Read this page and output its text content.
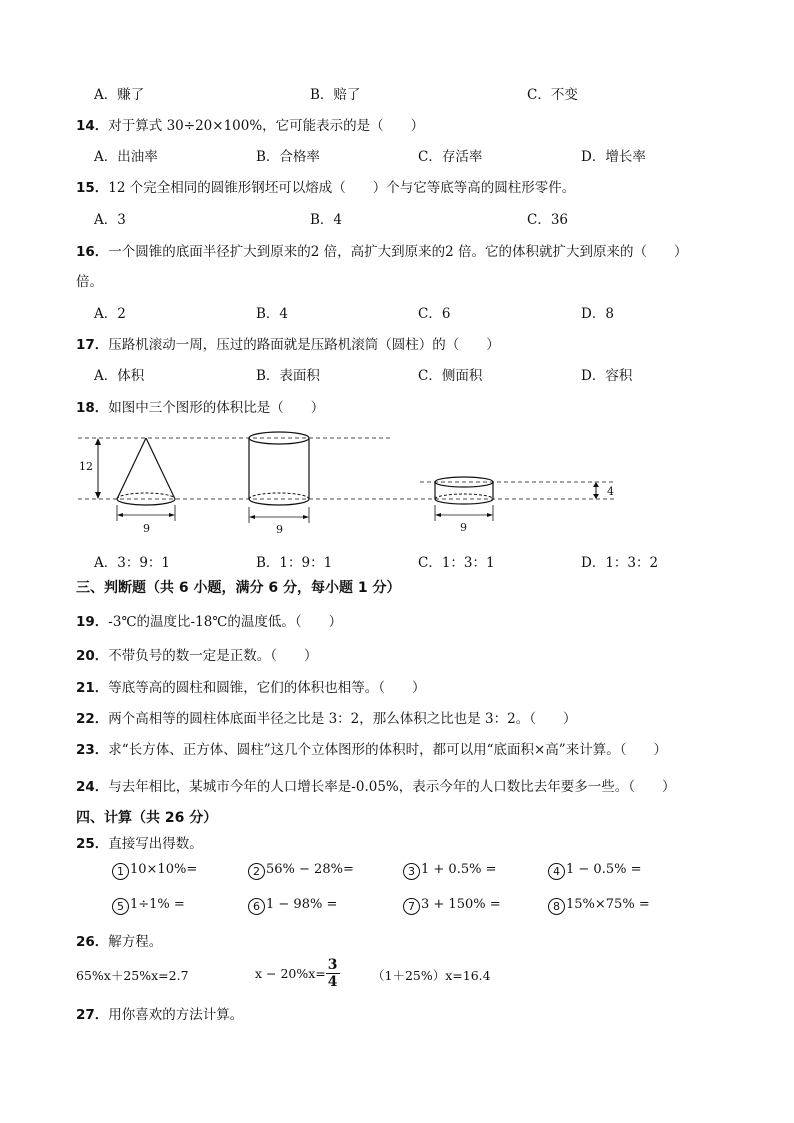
A．赚了	B．赔了	C．不变
14．对于算式 30÷20×100%，它可能表示的是（　　）
A．出油率	B．合格率	C．存活率	D．增长率
15．12 个完全相同的圆锥形钢坯可以熔成（　　）个与它等底等高的圆柱形零件。
A．3	B．4	C．36
16．一个圆锥的底面半径扩大到原来的2 倍，高扩大到原来的2 倍。它的体积就扩大到原来的（　　）
倍。
A．2	B．4	C．6	D．8
17．压路机滚动一周，压过的路面就是压路机滚筒（圆柱）的（　　）
A．体积	B．表面积	C．侧面积	D．容积
18．如图中三个图形的体积比是（　　）
12
9	9	9
4
A．3：9：1	B．1：9：1	C．1：3：1	D．1：3：2
三、判断题（共 6 小题，满分 6 分，每小题 1 分）
19．-3℃的温度比-18℃的温度低。（　　）
20．不带负号的数一定是正数。（　　）
21．等底等高的圆柱和圆锥，它们的体积也相等。（　　）
22．两个高相等的圆柱体底面半径之比是 3：2，那么体积之比也是 3：2。（　　）
23．求“长方体、正方体、圆柱”这几个立体图形的体积时，都可以用“底面积×高”来计算。（　　）
24．与去年相比，某城市今年的人口增长率是-0.05%，表示今年的人口数比去年要多一些。（　　）
四、计算（共 26 分）
25．直接写出得数。
1 10×10%=	2 56% − 28%=	3 1 + 0.5% =	4 1 − 0.5% =
5 1÷1% =	6 1 − 98% =	7 3 + 150% =	8 15%×75% =
26．解方程。
65%x＋25%x=2.7	$x - 20\%x= \frac{3}{4}$	（1＋25%）x=16.4
27．用你喜欢的方法计算。
